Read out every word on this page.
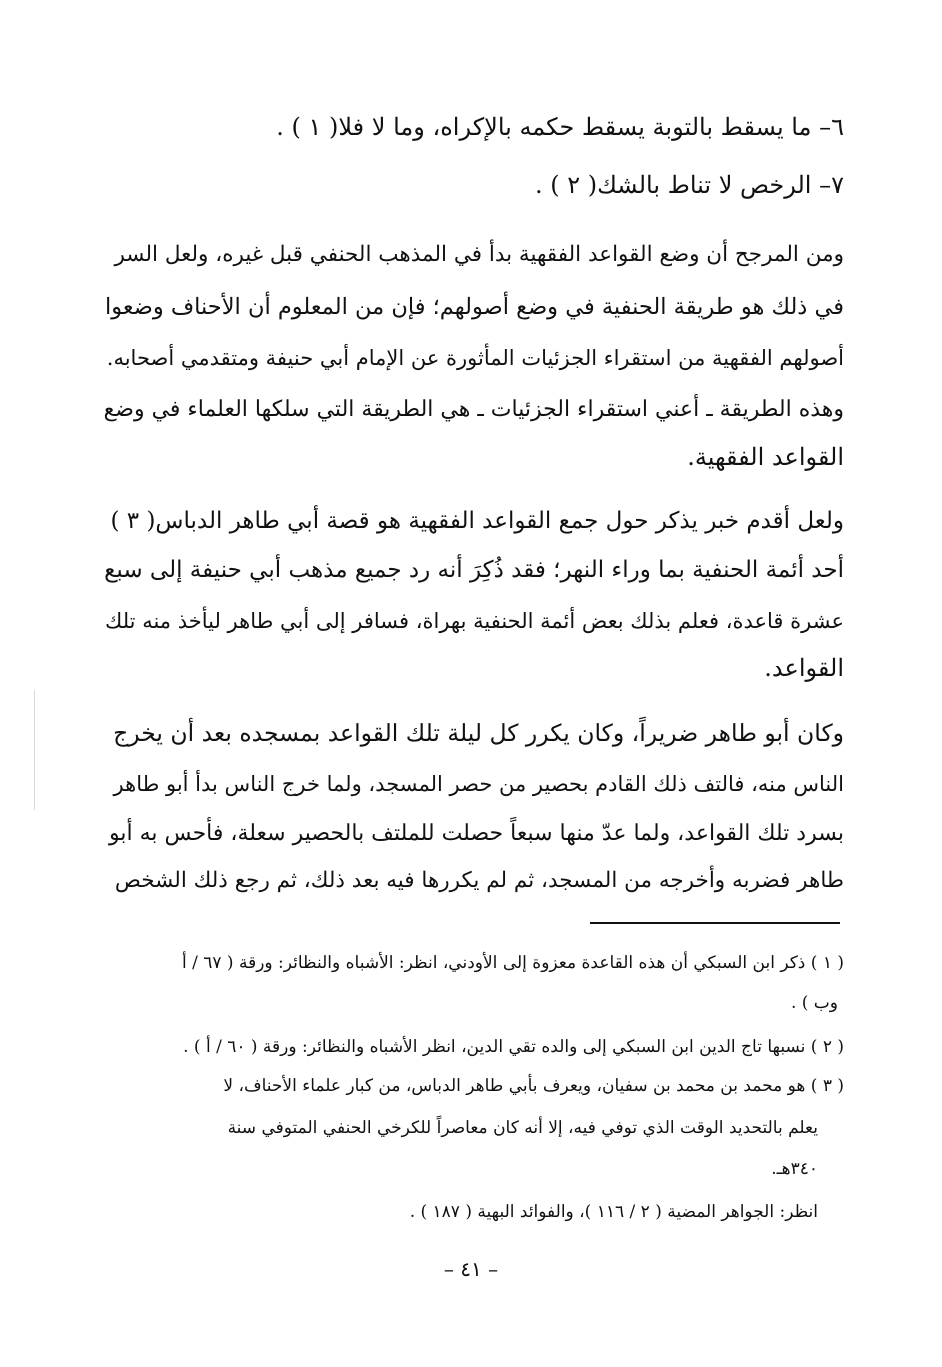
٦– ما يسقط بالتوبة يسقط حكمه بالإكراه، وما لا فلا( ١ ) .
٧– الرخص لا تناط بالشك( ٢ ) .
ومن المرجح أن وضع القواعد الفقهية بدأ في المذهب الحنفي قبل غيره، ولعل السر
في ذلك هو طريقة الحنفية في وضع أصولهم؛ فإن من المعلوم أن الأحناف وضعوا
أصولهم الفقهية من استقراء الجزئيات المأثورة عن الإمام أبي حنيفة ومتقدمي أصحابه.
وهذه الطريقة ـ أعني استقراء الجزئيات ـ هي الطريقة التي سلكها العلماء في وضع
القواعد الفقهية.
ولعل أقدم خبر يذكر حول جمع القواعد الفقهية هو قصة أبي طاهر الدباس( ٣ )
أحد أئمة الحنفية بما وراء النهر؛ فقد ذُكِرَ أنه رد جميع مذهب أبي حنيفة إلى سبع
عشرة قاعدة، فعلم بذلك بعض أئمة الحنفية بهراة، فسافر إلى أبي طاهر ليأخذ منه تلك
القواعد.
وكان أبو طاهر ضريراً، وكان يكرر كل ليلة تلك القواعد بمسجده بعد أن يخرج
الناس منه، فالتف ذلك القادم بحصير من حصر المسجد، ولما خرج الناس بدأ أبو طاهر
بسرد تلك القواعد، ولما عدّ منها سبعاً حصلت للملتف بالحصير سعلة، فأحس به أبو
طاهر فضربه وأخرجه من المسجد، ثم لم يكررها فيه بعد ذلك، ثم رجع ذلك الشخص
( ١ ) ذكر ابن السبكي أن هذه القاعدة معزوة إلى الأودني، انظر: الأشباه والنظائر: ورقة ( ٦٧ / أ
وب ) .
( ٢ ) نسبها تاج الدين ابن السبكي إلى والده تقي الدين، انظر الأشباه والنظائر: ورقة ( ٦٠ / أ ) .
( ٣ ) هو محمد بن محمد بن سفيان، ويعرف بأبي طاهر الدباس، من كبار علماء الأحناف، لا
يعلم بالتحديد الوقت الذي توفي فيه، إلا أنه كان معاصراً للكرخي الحنفي المتوفي سنة
٣٤٠هـ.
انظر: الجواهر المضية ( ٢ / ١١٦ )، والفوائد البهية ( ١٨٧ ) .
– ٤١ –
